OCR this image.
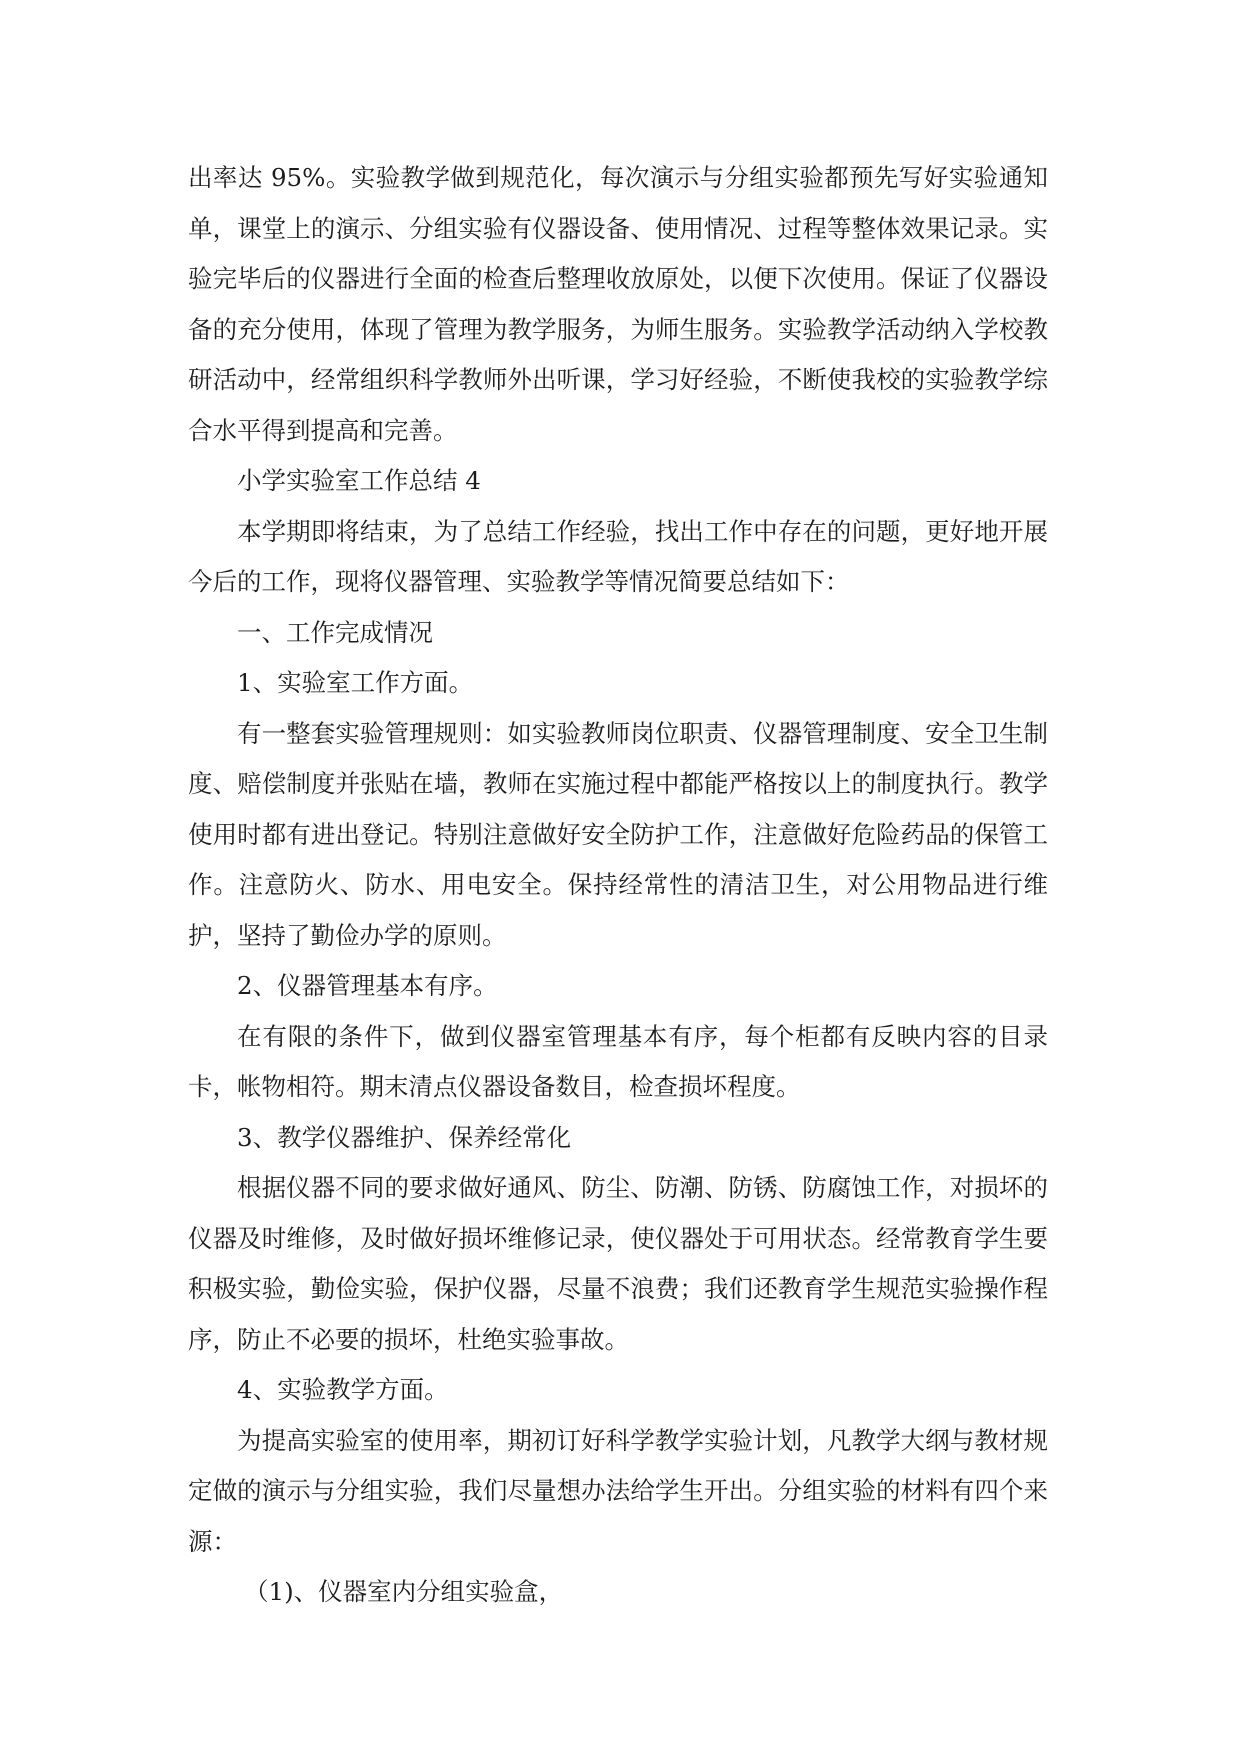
出率达 95%。实验教学做到规范化，每次演示与分组实验都预先写好实验通知单，课堂上的演示、分组实验有仪器设备、使用情况、过程等整体效果记录。实验完毕后的仪器进行全面的检查后整理收放原处，以便下次使用。保证了仪器设备的充分使用，体现了管理为教学服务，为师生服务。实验教学活动纳入学校教研活动中，经常组织科学教师外出听课，学习好经验，不断使我校的实验教学综合水平得到提高和完善。

小学实验室工作总结 4

本学期即将结束，为了总结工作经验，找出工作中存在的问题，更好地开展今后的工作，现将仪器管理、实验教学等情况简要总结如下：

一、工作完成情况

1、实验室工作方面。

有一整套实验管理规则：如实验教师岗位职责、仪器管理制度、安全卫生制度、赔偿制度并张贴在墙，教师在实施过程中都能严格按以上的制度执行。教学使用时都有进出登记。特别注意做好安全防护工作，注意做好危险药品的保管工作。注意防火、防水、用电安全。保持经常性的清洁卫生，对公用物品进行维护，坚持了勤俭办学的原则。

2、仪器管理基本有序。

在有限的条件下，做到仪器室管理基本有序，每个柜都有反映内容的目录卡，帐物相符。期末清点仪器设备数目，检查损坏程度。

3、教学仪器维护、保养经常化

根据仪器不同的要求做好通风、防尘、防潮、防锈、防腐蚀工作，对损坏的仪器及时维修，及时做好损坏维修记录，使仪器处于可用状态。经常教育学生要积极实验，勤俭实验，保护仪器，尽量不浪费；我们还教育学生规范实验操作程序，防止不必要的损坏，杜绝实验事故。

4、实验教学方面。

为提高实验室的使用率，期初订好科学教学实验计划，凡教学大纲与教材规定做的演示与分组实验，我们尽量想办法给学生开出。分组实验的材料有四个来源：

（1)、仪器室内分组实验盒，
